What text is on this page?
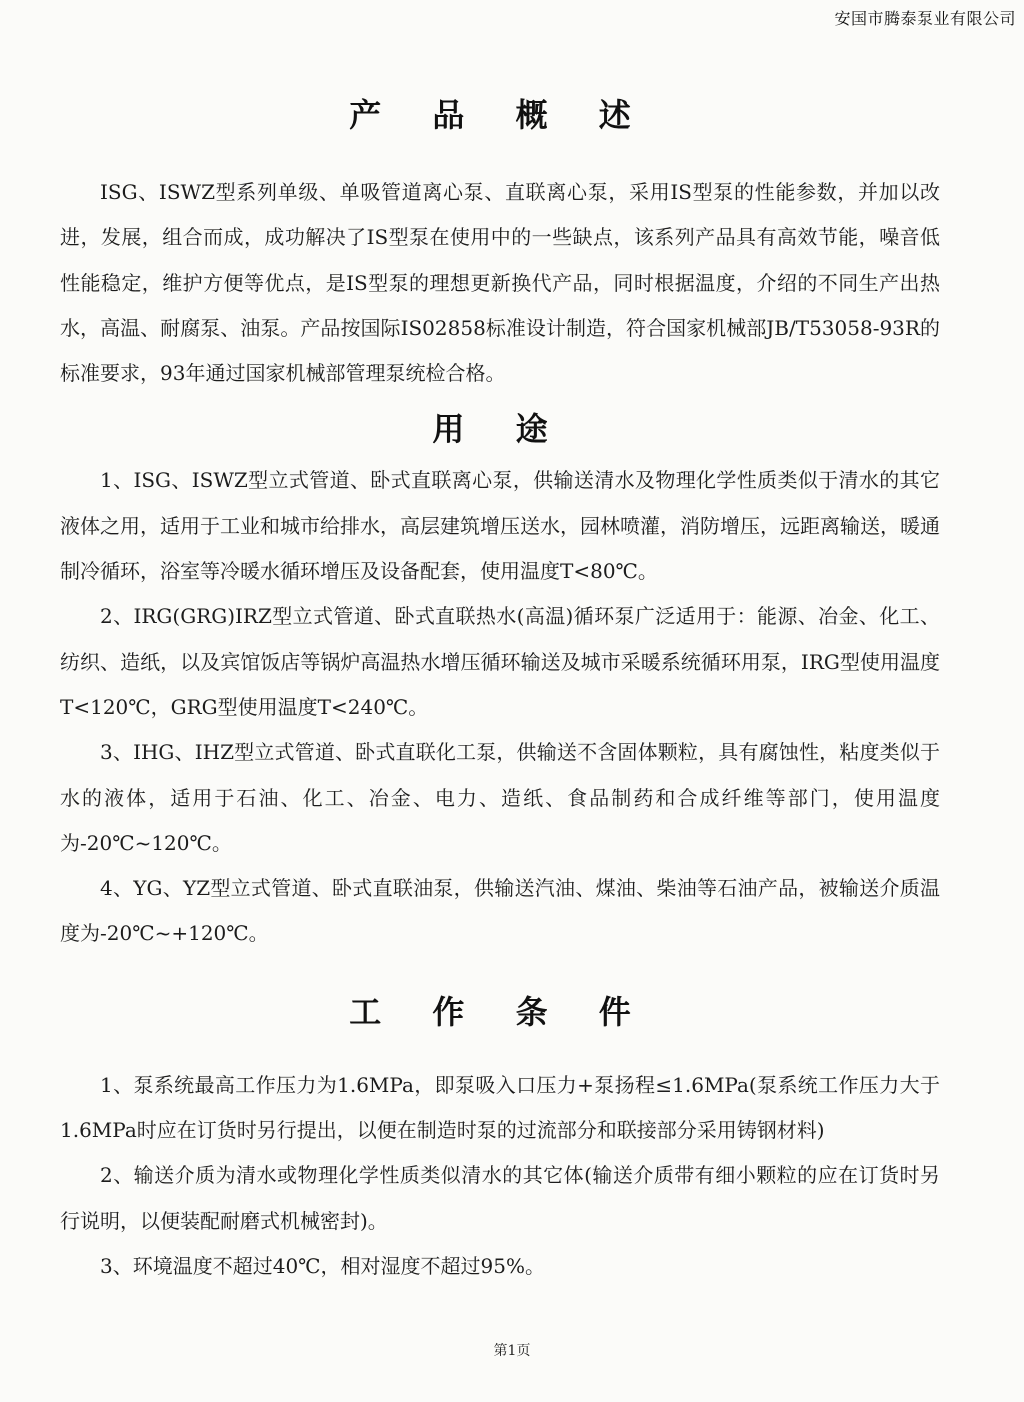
安国市腾泰泵业有限公司
产 品 概 述

ISG、ISWZ型系列单级、单吸管道离心泵、直联离心泵，采用IS型泵的性能参数，并加以改进，发展，组合而成，成功解决了IS型泵在使用中的一些缺点，该系列产品具有高效节能，噪音低性能稳定，维护方便等优点，是IS型泵的理想更新换代产品，同时根据温度，介绍的不同生产出热水，高温、耐腐泵、油泵。产品按国际IS02858标准设计制造，符合国家机械部JB/T53058-93R的标准要求，93年通过国家机械部管理泵统检合格。

用 途

1、ISG、ISWZ型立式管道、卧式直联离心泵，供输送清水及物理化学性质类似于清水的其它液体之用，适用于工业和城市给排水，高层建筑增压送水，园林喷灌，消防增压，远距离输送，暖通制冷循环，浴室等冷暖水循环增压及设备配套，使用温度T<80℃。

2、IRG(GRG)IRZ型立式管道、卧式直联热水(高温)循环泵广泛适用于：能源、冶金、化工、纺织、造纸，以及宾馆饭店等锅炉高温热水增压循环输送及城市采暖系统循环用泵，IRG型使用温度T<120℃，GRG型使用温度T<240℃。

3、IHG、IHZ型立式管道、卧式直联化工泵，供输送不含固体颗粒，具有腐蚀性，粘度类似于水的液体，适用于石油、化工、冶金、电力、造纸、食品制药和合成纤维等部门，使用温度为-20℃~120℃。

4、YG、YZ型立式管道、卧式直联油泵，供输送汽油、煤油、柴油等石油产品，被输送介质温度为-20℃~+120℃。

工 作 条 件

1、泵系统最高工作压力为1.6MPa，即泵吸入口压力+泵扬程≤1.6MPa(泵系统工作压力大于1.6MPa时应在订货时另行提出，以便在制造时泵的过流部分和联接部分采用铸钢材料)

2、输送介质为清水或物理化学性质类似清水的其它体(输送介质带有细小颗粒的应在订货时另行说明，以便装配耐磨式机械密封)。

3、环境温度不超过40℃，相对湿度不超过95%。

第1页
